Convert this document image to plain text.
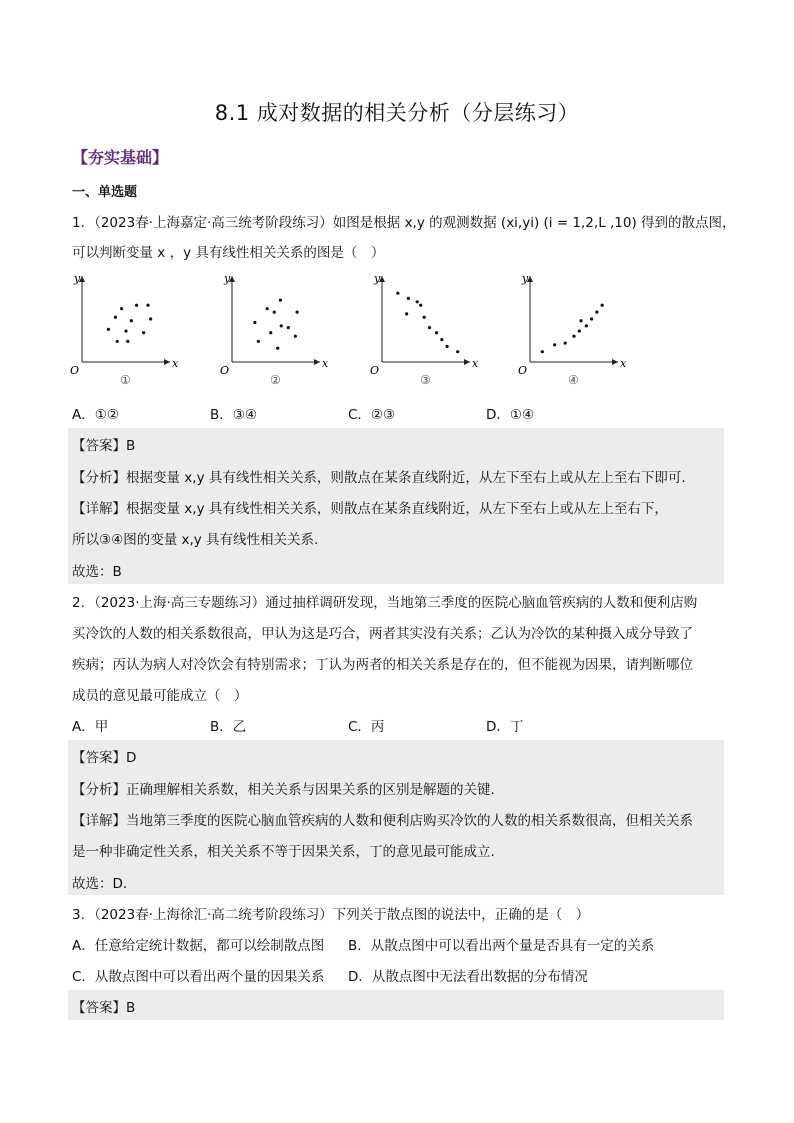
8.1 成对数据的相关分析（分层练习）
【夯实基础】
一、单选题
1．（2023春·上海嘉定·高三统考阶段练习）如图是根据 x,y 的观测数据 (xi,yi) (i = 1,2,L ,10) 得到的散点图，
可以判断变量 x ，y 具有线性相关关系的图是（　）
y
x
O
①
y
x
O
②
y
x
O
③
y
x
O
④
A．①②	B．③④	C．②③	D．①④
【答案】B
【分析】根据变量 x,y 具有线性相关关系，则散点在某条直线附近，从左下至右上或从左上至右下即可.
【详解】根据变量 x,y 具有线性相关关系，则散点在某条直线附近，从左下至右上或从左上至右下，
所以③④图的变量 x,y 具有线性相关关系.
故选：B
2．（2023·上海·高三专题练习）通过抽样调研发现，当地第三季度的医院心脑血管疾病的人数和便利店购
买冷饮的人数的相关系数很高，甲认为这是巧合，两者其实没有关系；乙认为冷饮的某种摄入成分导致了
疾病；丙认为病人对冷饮会有特别需求；丁认为两者的相关关系是存在的，但不能视为因果，请判断哪位
成员的意见最可能成立（　）
A．甲	B．乙	C．丙	D．丁
【答案】D
【分析】正确理解相关系数，相关关系与因果关系的区别是解题的关键.
【详解】当地第三季度的医院心脑血管疾病的人数和便利店购买冷饮的人数的相关系数很高，但相关关系
是一种非确定性关系，相关关系不等于因果关系，丁的意见最可能成立.
故选：D.
3．（2023春·上海徐汇·高二统考阶段练习）下列关于散点图的说法中，正确的是（　）
A．任意给定统计数据，都可以绘制散点图 B．从散点图中可以看出两个量是否具有一定的关系
C．从散点图中可以看出两个量的因果关系 D．从散点图中无法看出数据的分布情况
【答案】B
